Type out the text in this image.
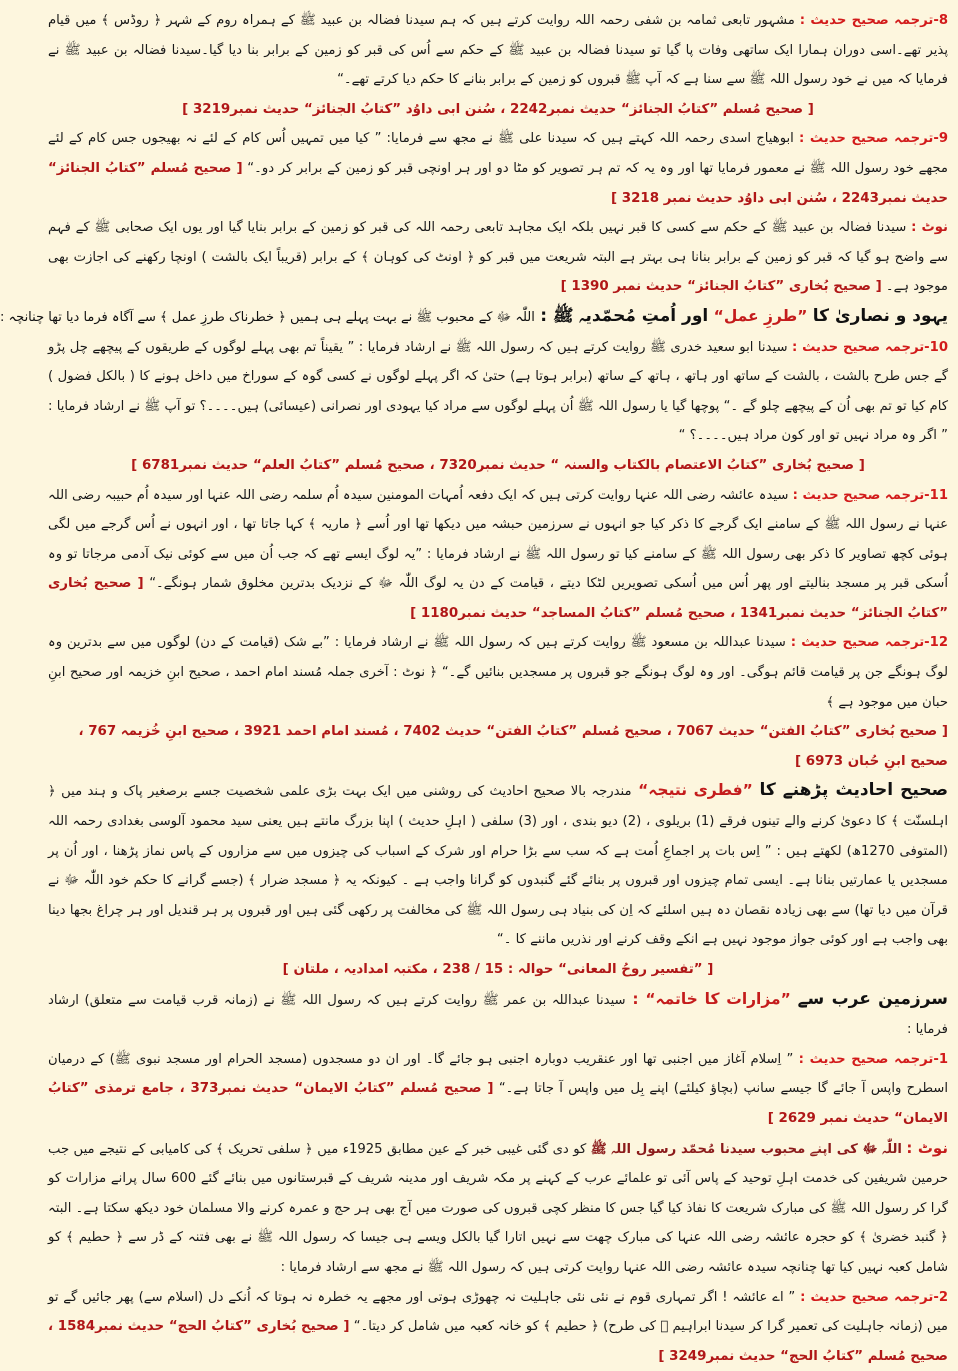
8-ترجمہ صحیح حدیث : مشہور تابعی ثمامہ بن شفی رحمہ اللہ روایت کرتے ہیں کہ ہم سیدنا فضالہ بن عبید ﷺ کے ہمراہ روم کے شہر ﴿ روڈس ﴾ میں قیام پذیر تھے۔اسی دوران ہمارا ایک ساتھی وفات پا گیا تو سیدنا فضالہ بن عبید ﷺ کے حکم سے اُس کی قبر کو زمین کے برابر بنا دیا گیا۔سیدنا فضالہ بن عبید ﷺ نے فرمایا کہ میں نے خود رسول اللہ ﷺ سے سنا ہے کہ آپ ﷺ قبروں کو زمین کے برابر بنانے کا حکم دیا کرتے تھے۔“

[ صحیح مُسلم ”کتابُ الجنائز“ حدیث نمبر2242 ، سُنن ابی داوُد ”کتابُ الجنائز“ حدیث نمبر3219 ]

9-ترجمہ صحیح حدیث : ابوھیاج اسدی رحمہ اللہ کہتے ہیں کہ سیدنا علی ﷺ نے مجھ سے فرمایا: ” کیا میں تمہیں اُس کام کے لئے نہ بھیجوں جس کام کے لئے مجھے خود رسول اللہ ﷺ نے معمور فرمایا تھا اور وہ یہ کہ تم ہر تصویر کو مٹا دو اور ہر اونچی قبر کو زمین کے برابر کر دو۔“ [ صحیح مُسلم ”کتابُ الجنائز“ حدیث نمبر2243 ، سُنن ابی داوُد حدیث نمبر 3218 ]

نوٹ : سیدنا فضالہ بن عبید ﷺ کے حکم سے کسی کا قبر نہیں بلکہ ایک مجاہد تابعی رحمہ اللہ کی قبر کو زمین کے برابر بنایا گیا اور یوں ایک صحابی ﷺ کے فہم سے واضح ہو گیا کہ قبر کو زمین کے برابر بنانا ہی بہتر ہے البتہ شریعت میں قبر کو ﴿ اونٹ کی کوہان ﴾ کے برابر (قریباً ایک بالشت ) اونچا رکھنے کی اجازت بھی موجود ہے۔ [ صحیح بُخاری ”کتابُ الجنائز“ حدیث نمبر 1390 ]

یہود و نصاریٰ کا ”طرزِ عمل“ اور اُمتِ مُحمّدیہ ﷺ : اللّٰہ ﷻ کے محبوب ﷺ نے بہت پہلے ہی ہمیں ﴿ خطرناک طرزِ عمل ﴾ سے آگاہ فرما دیا تھا چنانچہ :

10-ترجمہ صحیح حدیث : سیدنا ابو سعید خدری ﷺ روایت کرتے ہیں کہ رسول اللہ ﷺ نے ارشاد فرمایا : ” یقیناً تم بھی پہلے لوگوں کے طریقوں کے پیچھے چل پڑو گے جس طرح بالشت ، بالشت کے ساتھ اور ہاتھ ، ہاتھ کے ساتھ (برابر ہوتا ہے) حتیٰ کہ اگر پہلے لوگوں نے کسی گوہ کے سوراخ میں داخل ہونے کا ( بالکل فضول ) کام کیا تو تم بھی اُن کے پیچھے چلو گے ۔“ پوچھا گیا یا رسول اللہ ﷺ اُن پہلے لوگوں سے مراد کیا یہودی اور نصرانی (عیسائی) ہیں۔۔۔۔؟ تو آپ ﷺ نے ارشاد فرمایا : ” اگر وہ مراد نہیں تو اور کون مراد ہیں۔۔۔۔؟ “

[ صحیح بُخاری ”کتابُ الاعتصام بالکتاب والسنہ “ حدیث نمبر7320 ، صحیح مُسلم ”کتابُ العلم“ حدیث نمبر6781 ]

11-ترجمہ صحیح حدیث : سیدہ عائشہ رضی اللہ عنہا روایت کرتی ہیں کہ ایک دفعہ اُمہات المومنین سیدہ اُم سلمہ رضی اللہ عنہا اور سیدہ اُم حبیبہ رضی اللہ عنہا نے رسول اللہ ﷺ کے سامنے ایک گرجے کا ذکر کیا جو انہوں نے سرزمین حبشہ میں دیکھا تھا اور اُسے ﴿ ماریہ ﴾ کہا جاتا تھا ، اور انہوں نے اُس گرجے میں لگی ہوئی کچھ تصاویر کا ذکر بھی رسول اللہ ﷺ کے سامنے کیا تو رسول اللہ ﷺ نے ارشاد فرمایا : ”یہ لوگ ایسے تھے کہ جب اُن میں سے کوئی نیک آدمی مرجاتا تو وہ اُسکی قبر پر مسجد بنالیتے اور پھر اُس میں اُسکی تصویریں لٹکا دیتے ، قیامت کے دن یہ لوگ اللّٰہ ﷻ کے نزدیک بدترین مخلوق شمار ہونگے۔“ [ صحیح بُخاری ”کتابُ الجنائز“ حدیث نمبر1341 ، صحیح مُسلم ”کتابُ المساجد“ حدیث نمبر1180 ]

12-ترجمہ صحیح حدیث : سیدنا عبداللہ بن مسعود ﷺ روایت کرتے ہیں کہ رسول اللہ ﷺ نے ارشاد فرمایا : ”بے شک (قیامت کے دن) لوگوں میں سے بدترین وہ لوگ ہونگے جن پر قیامت قائم ہوگی۔ اور وہ لوگ ہونگے جو قبروں پر مسجدیں بنائیں گے۔“ ﴿ نوٹ : آخری جملہ مُسند امام احمد ، صحیح ابنِ خزیمہ اور صحیح ابنِ حبان میں موجود ہے ﴾

[ صحیح بُخاری ”کتابُ الفتن“ حدیث 7067 ، صحیح مُسلم ”کتابُ الفتن“ حدیث 7402 ، مُسند امام احمد 3921 ، صحیح ابنِ خُزیمہ 767 ، صحیح ابنِ حُبان 6973 ]

صحیح احادیث پڑھنے کا ”فطری نتیجہ“ مندرجہ بالا صحیح احادیث کی روشنی میں ایک بہت بڑی علمی شخصیت جسے برصغیر پاک و ہند میں ﴿ اہلسنّت ﴾ کا دعویٰ کرنے والے تینوں فرقے (1) بریلوی ، (2) دیو بندی ، اور (3) سلفی ( اہلِ حدیث ) اپنا بزرگ مانتے ہیں یعنی سید محمود آلوسی بغدادی رحمہ اللہ (المتوفی 1270ھ) لکھتے ہیں : ” اِس بات پر اجماعِ اُمت ہے کہ سب سے بڑا حرام اور شرک کے اسباب کی چیزوں میں سے مزاروں کے پاس نماز پڑھنا ، اور اُن پر مسجدیں یا عمارتیں بنانا ہے۔ ایسی تمام چیزوں اور قبروں پر بنائے گئے گنبدوں کو گرانا واجب ہے ۔ کیونکہ یہ ﴿ مسجد ضرار ﴾ (جسے گرانے کا حکم خود اللّٰہ ﷻ نے قرآن میں دیا تھا) سے بھی زیادہ نقصان دہ ہیں اسلئے کہ اِن کی بنیاد ہی رسول اللہ ﷺ کی مخالفت پر رکھی گئی ہیں اور قبروں پر ہر قندیل اور ہر چراغ بجھا دینا بھی واجب ہے اور کوئی جواز موجود نہیں ہے انکے وقف کرنے اور نذریں ماننے کا ۔“

[ ”تفسیر روحُ المعانی“ حوالہ : 15 / 238 ، مکتبہ امدادیہ ، ملتان ]

سرزمین عرب سے ”مزارات کا خاتمہ“ : سیدنا عبداللہ بن عمر ﷺ روایت کرتے ہیں کہ رسول اللہ ﷺ نے (زمانہ قرب قیامت سے متعلق) ارشاد فرمایا :

1-ترجمہ صحیح حدیث : ” اِسلام آغاز میں اجنبی تھا اور عنقریب دوبارہ اجنبی ہو جائے گا۔ اور ان دو مسجدوں (مسجد الحرام اور مسجد نبوی ﷺ) کے درمیان اسطرح واپس آ جائے گا جیسے سانپ (بچاؤ کیلئے) اپنے بِل میں واپس آ جاتا ہے۔“ [ صحیح مُسلم ”کتابُ الایمان“ حدیث نمبر373 ، جامع ترمذی ”کتابُ الایمان“ حدیث نمبر 2629 ]

نوٹ : اللّٰہ ﷻ کی اپنے محبوب سیدنا مُحمّد رسول اللہ ﷺ کو دی گئی غیبی خبر کے عین مطابق 1925ء میں ﴿ سلفی تحریک ﴾ کی کامیابی کے نتیجے میں جب حرمین شریفین کی خدمت اہلِ توحید کے پاس آئی تو علمائے عرب کے کہنے پر مکہ شریف اور مدینہ شریف کے قبرستانوں میں بنائے گئے 600 سال پرانے مزارات کو گرا کر رسول اللہ ﷺ کی مبارک شریعت کا نفاذ کیا گیا جس کا منظر کچی قبروں کی صورت میں آج بھی ہر حج و عمرہ کرنے والا مسلمان خود دیکھ سکتا ہے۔ البتہ ﴿ گنبد خضریٰ ﴾ کو حجرہ عائشہ رضی اللہ عنہا کی مبارک چھت سے نہیں اتارا گیا بالکل ویسے ہی جیسا کہ رسول اللہ ﷺ نے بھی فتنہ کے ڈر سے ﴿ حطیم ﴾ کو شامل کعبہ نہیں کیا تھا چنانچہ سیدہ عائشہ رضی اللہ عنہا روایت کرتی ہیں کہ رسول اللہ ﷺ نے مجھ سے ارشاد فرمایا :

2-ترجمہ صحیح حدیث : ” اے عائشہ ! اگر تمہاری قوم نے نئی نئی جاہلیت نہ چھوڑی ہوتی اور مجھے یہ خطرہ نہ ہوتا کہ اُنکے دل (اسلام سے) پھر جائیں گے تو میں (زمانہ جاہلیت کی تعمیر گرا کر سیدنا ابراہیم ﷤ کی طرح) ﴿ حطیم ﴾ کو خانہ کعبہ میں شامل کر دیتا۔“ [ صحیح بُخاری ”کتابُ الحج“ حدیث نمبر1584 ، صحیح مُسلم ”کتابُ الحج“ حدیث نمبر3249 ]
